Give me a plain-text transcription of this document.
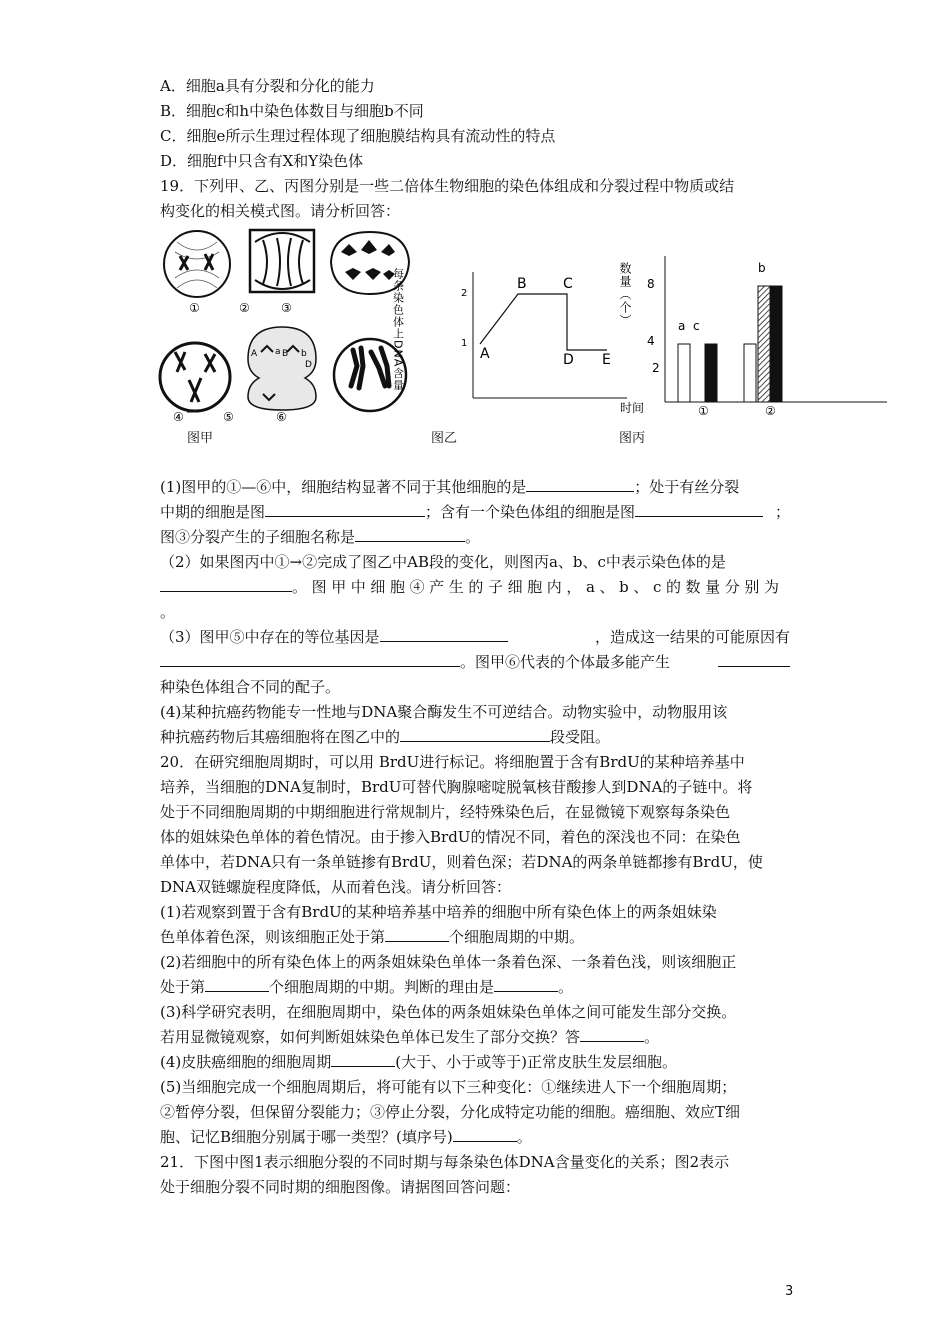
A．细胞a具有分裂和分化的能力
B．细胞c和h中染色体数目与细胞b不同
C．细胞e所示生理过程体现了细胞膜结构具有流动性的特点
D．细胞f中只含有X和Y染色体
19．下列甲、乙、丙图分别是一些二倍体生物细胞的染色体组成和分裂过程中物质或结
构变化的相关模式图。请分析回答：
A a B b
D
①	②	③
④	⑤	⑥
每条染色体上DNA含量	2
1
A
B	C
D E
时间
数量（个） 8
4
2
a c
b
①	②
图甲	图乙	图丙
(1)图甲的①—⑥中，细胞结构显著不同于其他细胞的是	；处于有丝分裂
中期的细胞是图	；含有一个染色体组的细胞是图	；
图③分裂产生的子细胞名称是	。
（2）如果图丙中①→②完成了图乙中AB段的变化，则图丙a、b、c中表示染色体的是
。图甲中细胞④产生的子细胞内，a、b、c的数量分别为
。
（3）图甲⑤中存在的等位基因是	，造成这一结果的可能原因有
。图甲⑥代表的个体最多能产生
种染色体组合不同的配子。
(4)某种抗癌药物能专一性地与DNA聚合酶发生不可逆结合。动物实验中，动物服用该
种抗癌药物后其癌细胞将在图乙中的	段受阻。
20．在研究细胞周期时，可以用 BrdU进行标记。将细胞置于含有BrdU的某种培养基中
培养，当细胞的DNA复制时，BrdU可替代胸腺嘧啶脱氧核苷酸掺人到DNA的子链中。将
处于不同细胞周期的中期细胞进行常规制片，经特殊染色后，在显微镜下观察每条染色
体的姐妹染色单体的着色情况。由于掺入BrdU的情况不同，着色的深浅也不同：在染色
单体中，若DNA只有一条单链掺有BrdU，则着色深；若DNA的两条单链都掺有BrdU，使
DNA双链螺旋程度降低，从而着色浅。请分析回答：
(1)若观察到置于含有BrdU的某种培养基中培养的细胞中所有染色体上的两条姐妹染
色单体着色深，则该细胞正处于第	个细胞周期的中期。
(2)若细胞中的所有染色体上的两条姐妹染色单体一条着色深、一条着色浅，则该细胞正
处于第	个细胞周期的中期。判断的理由是	。
(3)科学研究表明，在细胞周期中，染色体的两条姐妹染色单体之间可能发生部分交换。
若用显微镜观察，如何判断姐妹染色单体已发生了部分交换？答	。
(4)皮肤癌细胞的细胞周期	(大于、小于或等于)正常皮肤生发层细胞。
(5)当细胞完成一个细胞周期后，将可能有以下三种变化：①继续进人下一个细胞周期；
②暂停分裂，但保留分裂能力；③停止分裂，分化成特定功能的细胞。癌细胞、效应T细
胞、记忆B细胞分别属于哪一类型？(填序号)	。
21．下图中图1表示细胞分裂的不同时期与每条染色体DNA含量变化的关系；图2表示
处于细胞分裂不同时期的细胞图像。请据图回答问题：
3
